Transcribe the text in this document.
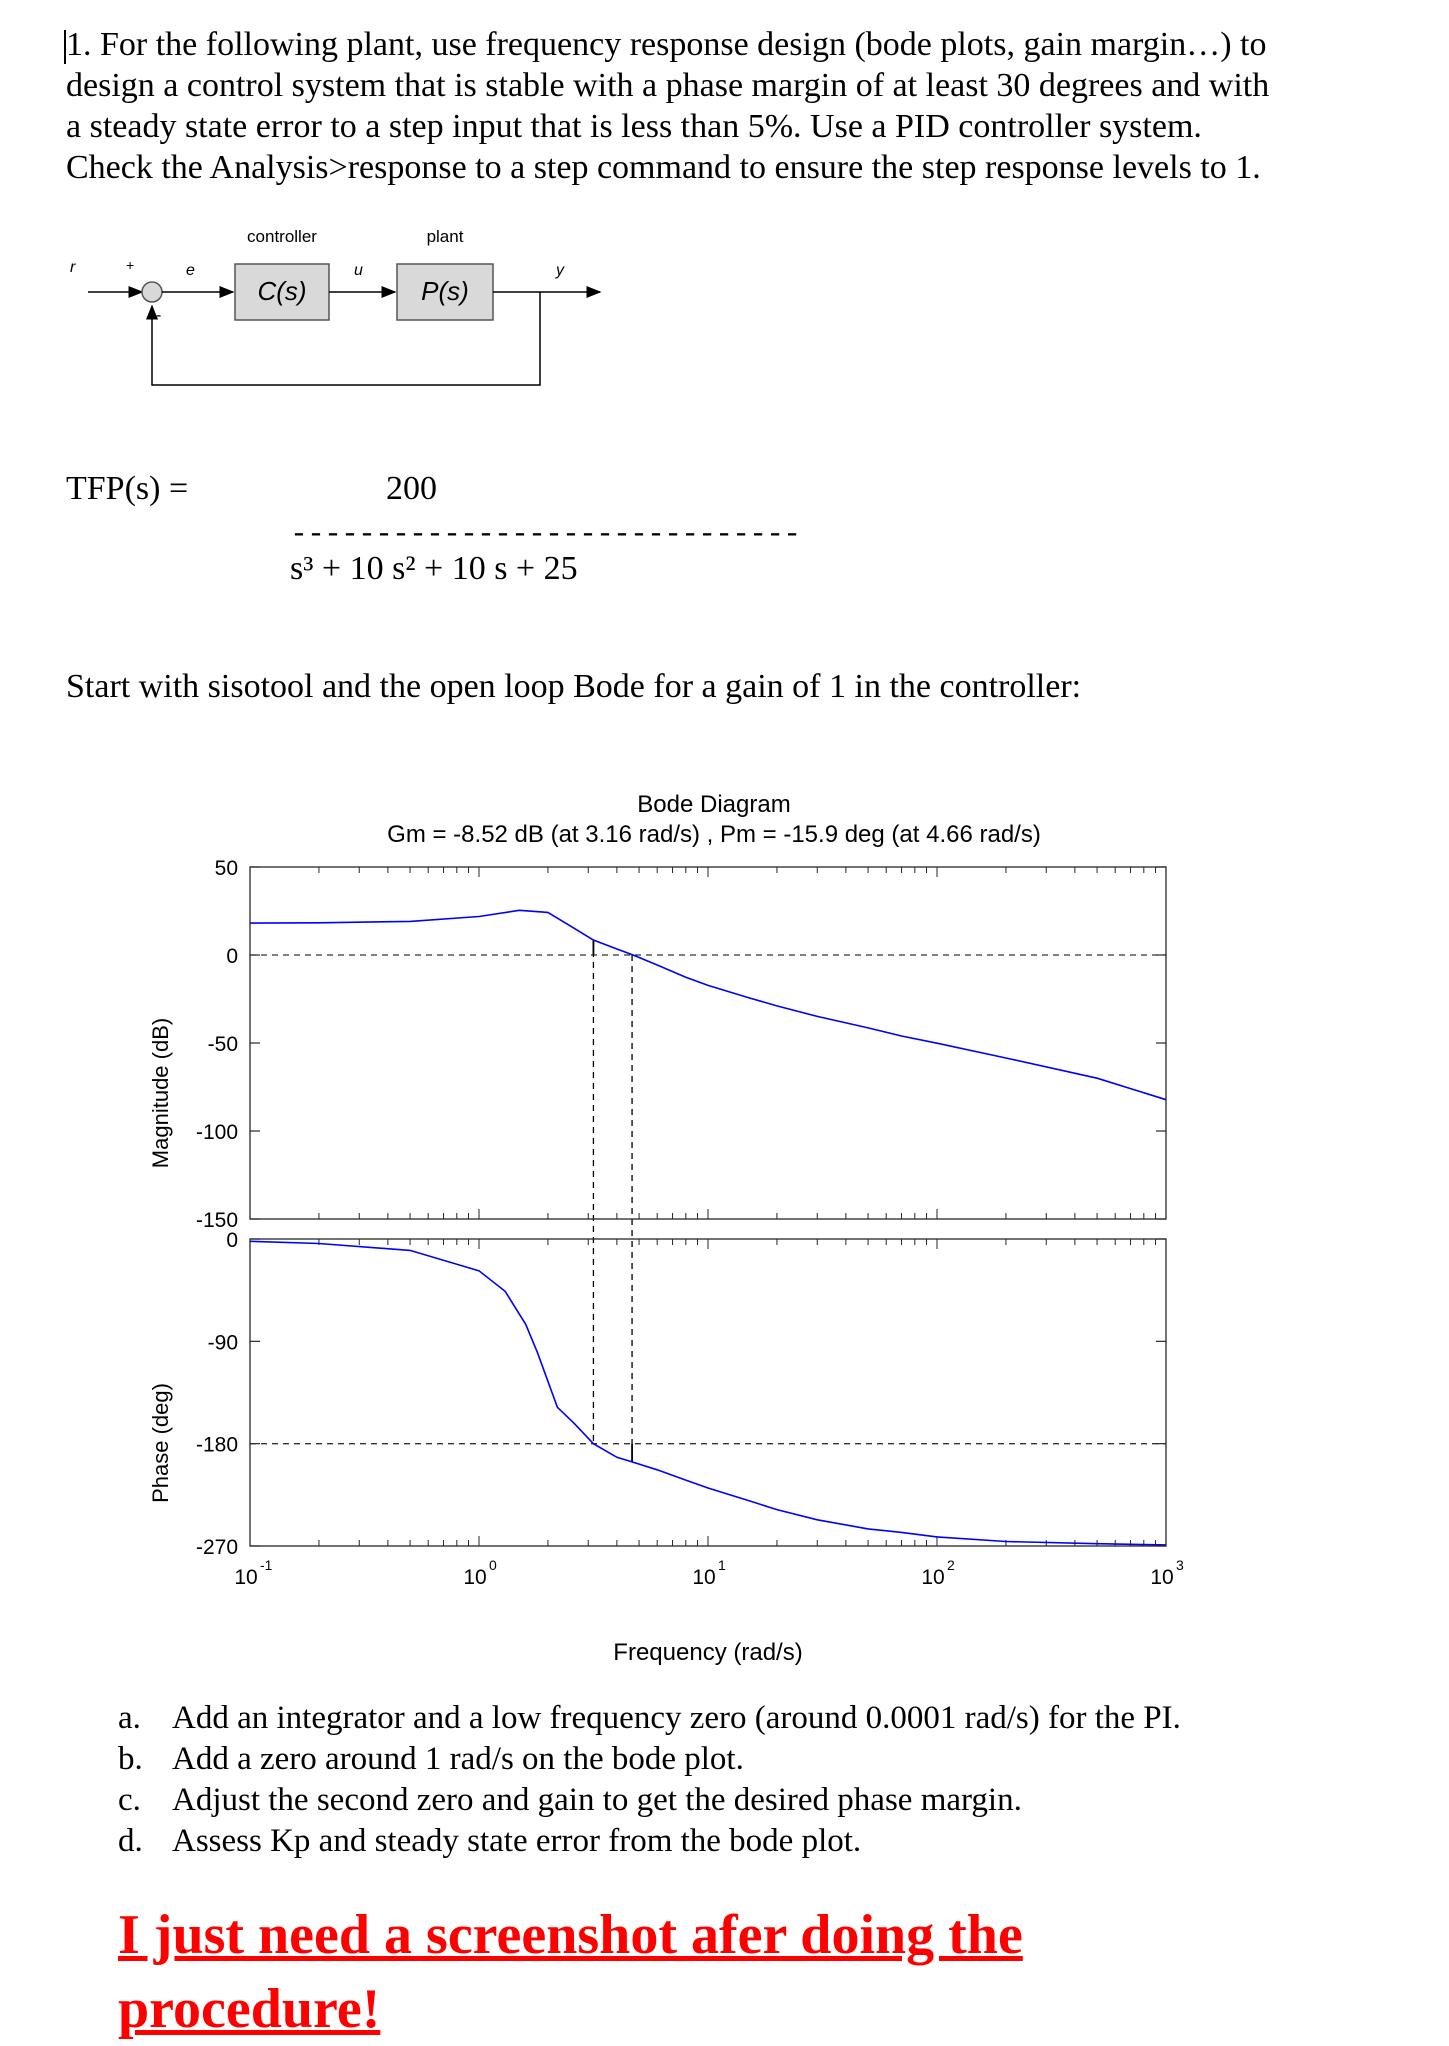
1. For the following plant, use frequency response design (bode plots, gain margin…) to
design a control system that is stable with a phase margin of at least 30 degrees and with
a steady state error to a step input that is less than 5%. Use a PID controller system.
Check the Analysis>response to a step command to ensure the step response levels to 1.
controller	plant
r	+	e	u	y
-
C(s)	P(s)
TFP(s) =	200
------------------------------
s³ + 10 s² + 10 s + 25
Start with sisotool and the open loop Bode for a gain of 1 in the controller:
Bode Diagram
Gm = -8.52 dB (at 3.16 rad/s) , Pm = -15.9 deg (at 4.66 rad/s)
Magnitude (dB)
Phase (deg)
Frequency (rad/s)
50
0
-50
-100
-150
0
-90
-180
-270
10
-1
10
0
10
1
10
2
10
3
a. Add an integrator and a low frequency zero (around 0.0001 rad/s) for the PI.
b. Add a zero around 1 rad/s on the bode plot.
c. Adjust the second zero and gain to get the desired phase margin.
d. Assess Kp and steady state error from the bode plot.
I just need a screenshot afer doing the
procedure!
